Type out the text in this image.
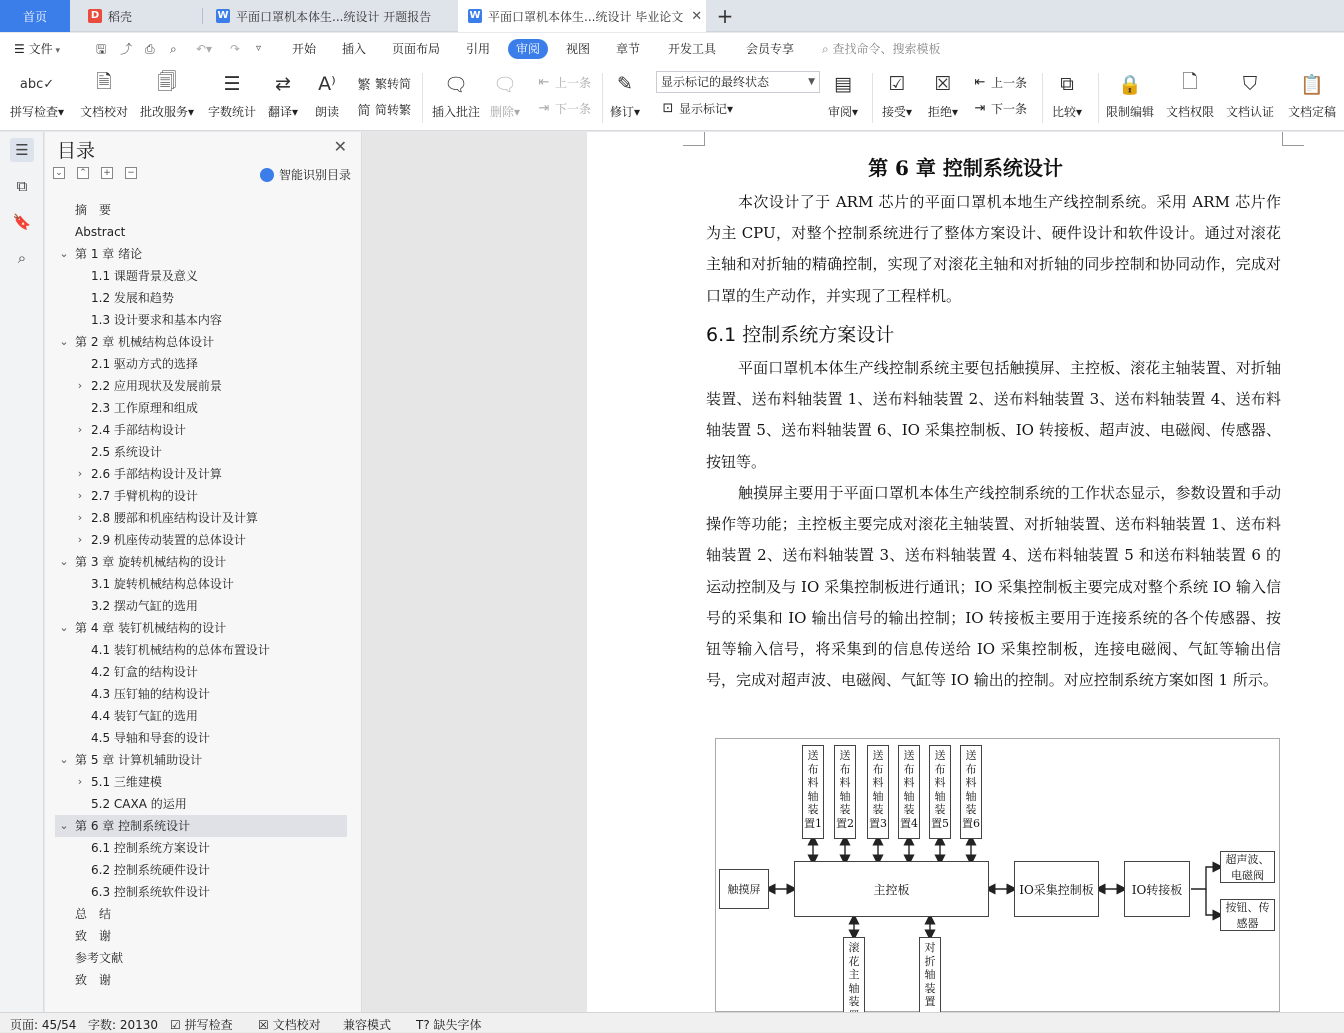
首页	D 稻壳	W 平面口罩机本体生...统设计 开题报告	W 平面口罩机本体生...统设计 毕业论文 ✕ +
☰ 文件 ▾	🖫 ⤴ ⎙ ⌕ ↶▾ ↷ ▿	开始 插入 页面布局 引用	审阅	视图 章节 开发工具 会员专享 ⌕ 查找命令、搜索模板
abc✓
拼写检查▾
🗎
文档校对
🗐
批改服务▾
☰
字数统计
⇄
翻译▾
A⁾
朗读
繁 繁转简
简 简转繁
🗨
插入批注
🗨
删除▾
⇤ 上一条
⇥ 下一条
✎
修订▾
显示标记的最终状态	▼
⊡ 显示标记 ▾
▤
审阅▾
☑
接受▾
☒
拒绝▾
⇤ 上一条
⇥ 下一条
⧉
比较▾
🔒
限制编辑
🗋
文档权限
⛉
文档认证
📋
文档定稿
☰
⧉
🔖
⌕
目录	✕
⌄ ⌃ + −	智能识别目录
摘　要
Abstract
⌄ 第 1 章 绪论
1.1 课题背景及意义
1.2 发展和趋势
1.3 设计要求和基本内容
⌄ 第 2 章 机械结构总体设计
2.1 驱动方式的选择
› 2.2 应用现状及发展前景
2.3 工作原理和组成
› 2.4 手部结构设计
2.5 系统设计
› 2.6 手部结构设计及计算
› 2.7 手臂机构的设计
› 2.8 腰部和机座结构设计及计算
› 2.9 机座传动装置的总体设计
⌄ 第 3 章 旋转机械结构的设计
3.1 旋转机械结构总体设计
3.2 摆动气缸的选用
⌄ 第 4 章 装钉机械结构的设计
4.1 装钉机械结构的总体布置设计
4.2 钉盒的结构设计
4.3 压钉轴的结构设计
4.4 装钉气缸的选用
4.5 导轴和导套的设计
⌄ 第 5 章 计算机辅助设计
› 5.1 三维建模
5.2 CAXA 的运用
⌄ 第 6 章 控制系统设计
6.1 控制系统方案设计
6.2 控制系统硬件设计
6.3 控制系统软件设计
总　结
致　谢
参考文献
致　谢
第 6 章 控制系统设计
本次设计了于 ARM 芯片的平面口罩机本地生产线控制系统。采用 ARM 芯片作为主 CPU，对整个控制系统进行了整体方案设计、硬件设计和软件设计。通过对滚花主轴和对折轴的精确控制，实现了对滚花主轴和对折轴的同步控制和协同动作，完成对口罩的生产动作，并实现了工程样机。
6.1 控制系统方案设计
平面口罩机本体生产线控制系统主要包括触摸屏、主控板、滚花主轴装置、对折轴装置、送布料轴装置 1、送布料轴装置 2、送布料轴装置 3、送布料轴装置 4、送布料轴装置 5、送布料轴装置 6、IO 采集控制板、IO 转接板、超声波、电磁阀、传感器、按钮等。
触摸屏主要用于平面口罩机本体生产线控制系统的工作状态显示，参数设置和手动操作等功能；主控板主要完成对滚花主轴装置、对折轴装置、送布料轴装置 1、送布料轴装置 2、送布料轴装置 3、送布料轴装置 4、送布料轴装置 5 和送布料轴装置 6 的运动控制及与 IO 采集控制板进行通讯；IO 采集控制板主要完成对整个系统 IO 输入信号的采集和 IO 输出信号的输出控制；IO 转接板主要用于连接系统的各个传感器、按钮等输入信号，将采集到的信息传送给 IO 采集控制板，连接电磁阀、气缸等输出信号，完成对超声波、电磁阀、气缸等 IO 输出的控制。对应控制系统方案如图 1 所示。
送布料轴装置1
送布料轴装置2
送布料轴装置3
送布料轴装置4
送布料轴装置5
送布料轴装置6
触摸屏	主控板	IO采集控制板	IO转接板
超声波、电磁阀
按钮、传感器
滚花主轴装
对折轴装置
页面: 45/54 字数: 20130 ☑ 拼写检查 ☒ 文档校对 兼容模式 T? 缺失字体
